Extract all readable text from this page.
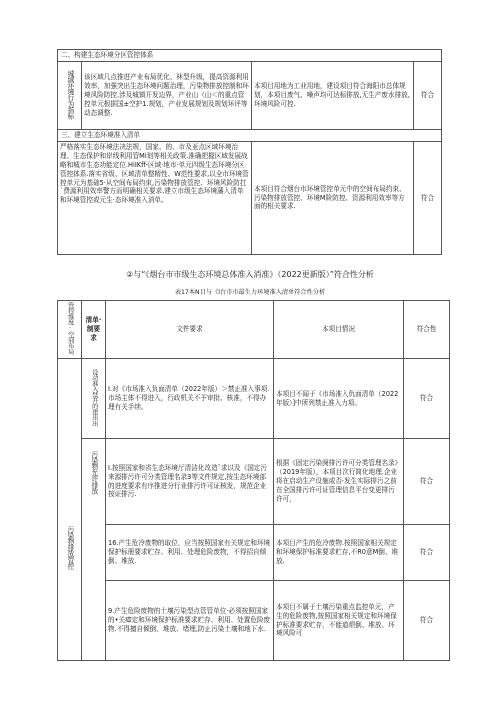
二、构建生态环境分区管控体系			
城域环境行为指标	该区域几点推进产业布局优化、林型升级，提高资源利用效率，加强突出生态环境问题治理，污染物排放控制和环境风险防控.涉及城镇开发边界，产业山（山＜的重点管控单元根据国±空护1.规划，产业发展规划及规划环评等动态调整.	本项目用地为工业用地，建设项目符合海阳市总体规划，本项目废气、噪声均可达标排放,无生产废水排放,环境风险可控.	符合
三、建立生态环境准入清单			
严格落实生态环境法决法规，国家、的、市及亚点区域环境治理、生态保护和岸线利用管Mi划等相关政策.准确把握区域发展战略和城市生态功能定位.HiIKff-区域·地市·单元四级生态环境分区管控体系.落实省级、区域清单整精性、W范性要求,以全市环境管控单元为基础5·从空间布局约束,污染物排放管控、环境风险防扛`费源利用效率警方而明确相关要求.建立市级生态环境藩入清单和环境管控或元生·态环境准入消单。		本项目符合烟台市环境管控单元中的空间布局约束、污染物排放管控、环境M险防控、资源利用效率等方面的相关要求.	符合
②与“《烟台市市级生态环境总体准入消准》（2022更新版）”符合性分析
表17本N目与《l台市市最生力环境准入清单符合性分析
管控维度·空间布局	清单·制要求	文件要求	本项目情况	符合性
	设动准入禁开的建出出	I.对《市场准入负面清单（2022年版）＞禁止准入事项.市场主体不得进入，行政机关不予审批、核准，不得办理有关手续。	本项目不闻于《市场准入仇面清单（2022年版）]中所列禁止准入力项。	符合
污染物排放管控	污染物允许排放	I.按照国家和省生态环境厅清洁化改造ˇ求以及《国定污来源排污许可分类管理名录3等文件规定,按生态环境部的进度要求有序推进分行业排污许可证核发，规范企业按证排污.	根据《固定污染阕排污许可分类管理名录》（2019年版），本项目次行简化地理.企业将在启动生产设施或否·发生实际排污之前在全国排污许可证管理信息平台变更排污许可，	符合
		16.产生危冷废物的取位，应当按照国家有关规定和环境保护标册要求贮存、利用、处理危险废物，不得招自倾倒、堆放.	本项目产生的危冷废物.按照国家相关规定和环境保护标准要求贮存,不R0意M倒、堆放.	符合
		9.产生危险废物的土壤污染型点管管单位·必须按照国家的•关瘴定和环境保护标准要求贮存、利用、处置危险废物.不得擅自倾倒、堆放、堵埋,防止污染土壤和地下水.	本项目不属于土壤污染重点监控单元，产生的危险废物,按照国家相关规定和环境保护标准要求贮存，不能道煩倒、堆放、坏境风险可	符合
